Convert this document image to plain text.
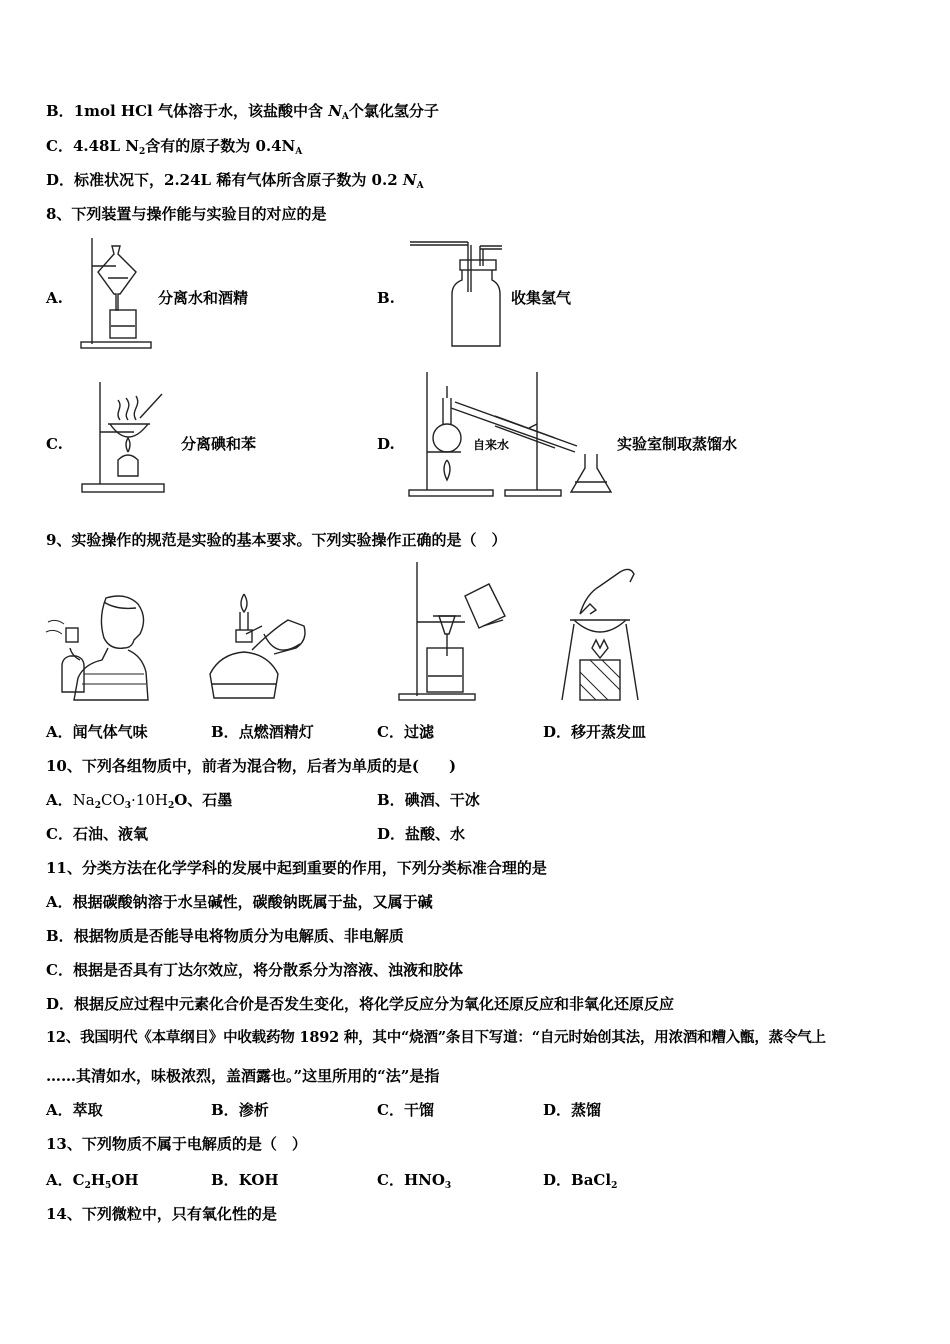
B．1mol HCl 气体溶于水，该盐酸中含 $N_A$个氯化氢分子
C．4.48L $N_2$含有的原子数为 $0.4N_A$
D．标准状况下，2.24L 稀有气体所含原子数为 0.2 $N_A$
8、下列装置与操作能与实验目的对应的是
A.	分离水和酒精	B.	收集氢气
C.	分离碘和苯	D.	自来水	实验室制取蒸馏水
9、实验操作的规范是实验的基本要求。下列实验操作正确的是（　）
A．闻气体气味	B．点燃酒精灯	C．过滤	D．移开蒸发皿
10、下列各组物质中，前者为混合物，后者为单质的是(　　)
A．$Na_2CO_3\cdot 10H_2O$、石墨	B．碘酒、干冰
C．石油、液氧	D．盐酸、水
11、分类方法在化学学科的发展中起到重要的作用，下列分类标准合理的是
A．根据碳酸钠溶于水呈碱性，碳酸钠既属于盐，又属于碱
B．根据物质是否能导电将物质分为电解质、非电解质
C．根据是否具有丁达尔效应，将分散系分为溶液、浊液和胶体
D．根据反应过程中元素化合价是否发生变化，将化学反应分为氧化还原反应和非氧化还原反应
12、我国明代《本草纲目》中收载药物 1892 种，其中“烧酒”条目下写道：“自元时始创其法，用浓酒和糟入甑，蒸令气上
……其清如水，味极浓烈，盖酒露也。”这里所用的“法”是指
A．萃取	B．渗析	C．干馏	D．蒸馏
13、下列物质不属于电解质的是（　）
A．$C_2H_5OH$	B．KOH	C．$HNO_3$	D．BaCl$_2$
14、下列微粒中，只有氧化性的是
